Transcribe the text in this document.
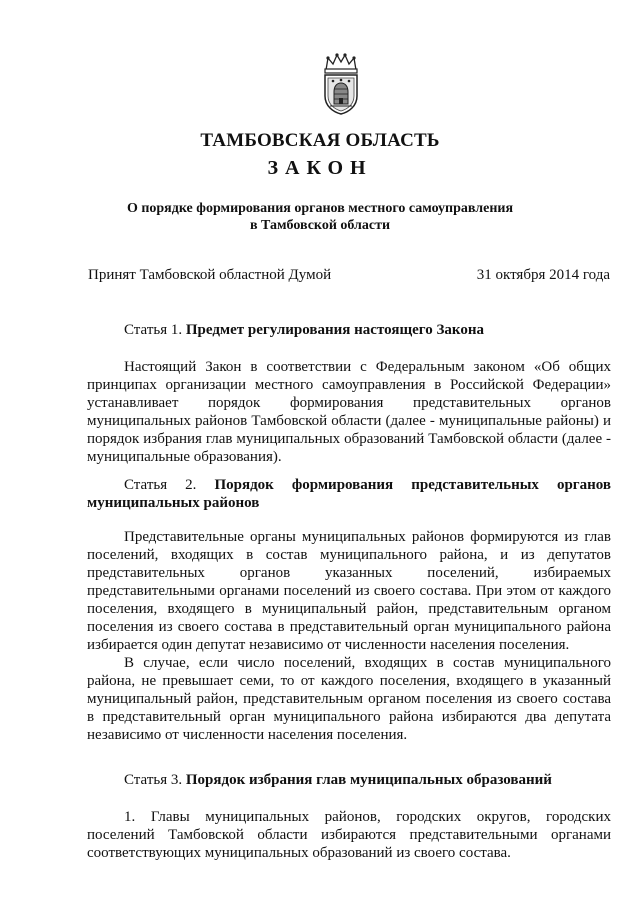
ТАМБОВСКАЯ ОБЛАСТЬ
ЗАКОН
О порядке формирования органов местного самоуправления
в Тамбовской области
Принят Тамбовской областной Думой	31 октября 2014 года

Статья 1. Предмет регулирования настоящего Закона

Настоящий Закон в соответствии с Федеральным законом «Об общих принципах организации местного самоуправления в Российской Федерации» устанавливает порядок формирования представительных органов муниципальных районов Тамбовской области (далее - муниципальные районы) и порядок избрания глав муниципальных образований Тамбовской области (далее - муниципальные образования).

Статья 2. Порядок формирования представительных органов муниципальных районов

Представительные органы муниципальных районов формируются из глав поселений, входящих в состав муниципального района, и из депутатов представительных органов указанных поселений, избираемых представительными органами поселений из своего состава. При этом от каждого поселения, входящего в муниципальный район, представительным органом поселения из своего состава в представительный орган муниципального района избирается один депутат независимо от численности населения поселения.

В случае, если число поселений, входящих в состав муниципального района, не превышает семи, то от каждого поселения, входящего в указанный муниципальный район, представительным органом поселения из своего состава в представительный орган муниципального района избираются два депутата независимо от численности населения поселения.

Статья 3. Порядок избрания глав муниципальных образований

1. Главы муниципальных районов, городских округов, городских поселений Тамбовской области избираются представительными органами соответствующих муниципальных образований из своего состава.
